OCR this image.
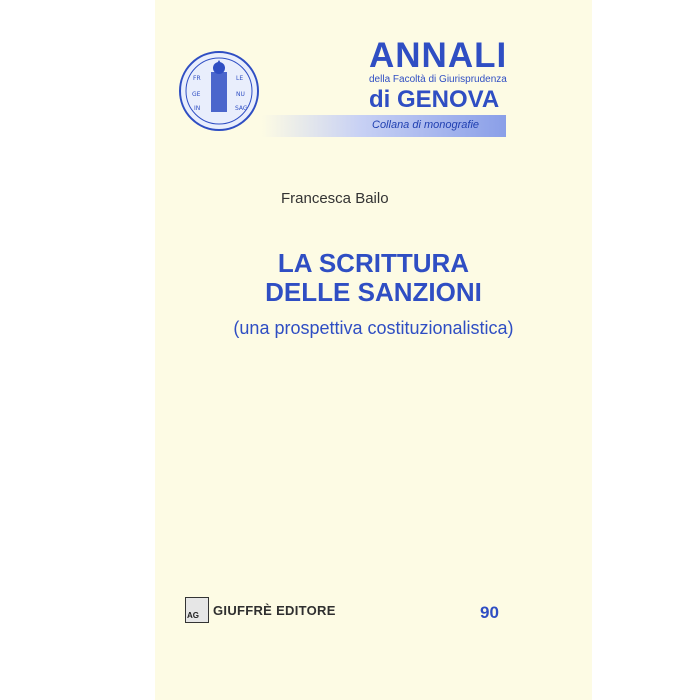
FR	LE
GE	NU
IN	SAG
ANNALI
della Facoltà di Giurisprudenza
di GENOVA
Collana di monografie
Francesca Bailo
LA SCRITTURA
DELLE SANZIONI
(una prospettiva costituzionalistica)
AG GIUFFRÈ EDITORE	90
